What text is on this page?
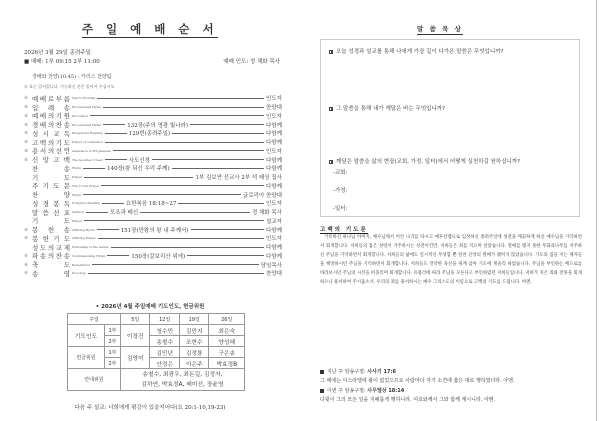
주 일 예 배 순 서
2026년 3월 29일 종려주일
■ 예배: 1부 09:15 2부 11:00	예배 인도: 정 채화 목사
경배와 찬양(10:45) : 카리스 찬양팀
※ 표는 일어섭니다. 가능하신 분은 일어서 주십시오.
※ 예 배 로 부 름 Call to Worship	인도자
※ 입 례 송 Processional Hymn	찬양대
※ 예 배 의 기 원 Invocation	인도자
※ 경 배 의 찬 송 Processional Hymn	132장(주의 영광 빛나라)	다함께
※ 성 시 교 독 Responsive Reading	129번(종려주일)	다함께
※ 고 백 의 기 도 Prayer of confession	다함께
※ 용 서 의 선 언 Assurance of Forgiveness	인도자
※ 신 앙 고 백 The Apostles' Creed	사도신경	다함께
찬	송 Hymn	140장(왕 되신 우리 주께)	다함께
기	도 Prayer	1부 김보연 선교사 2부 석 태상 집사
주 기 도 문 The Lord's Prayer	다함께
찬	양 Hymn	글로리아 찬양대
성 경 봉 독 Scripture Reading	요한복음 18:18~27	인도자
말 씀 선 포 Sermon	모욕과 배신	정 채화 목사
기	도 Prayer	설교자
※ 봉 헌 송 Offering Hymn	151장(만왕의 왕 내 주께서)	다함께
※ 봉 헌 기 도 Offering Prayer	인도자
성 도 의 교 제 Fellowship of the Saints	다함께
※ 파 송 의 찬 송 Commissioning Hymn	150장(갈보리산 위에)	다함께
※ 축	도 Benediction	담임목사
※ 송	영 Doxology	찬양대
• 2026년 4월 주일예배 기도인도, 헌금위원
주일		5일	12일	19일	26일
기도인도	1부	이경건	청수민	김민지	최은숙
	2부		송철수	조현수	양성혜
헌금위원	1부	김영미	김민년	김정룡	구은송
	2부		안정은	이은주	박효정B
안내위원		송철수, 최광우, 최돈길, 김정자,
김하연, 박효정A, 배미선, 장윤영			
다음 주 설교: 너희에게 평강이 있을지어다(요 20:1-10,19-23)
말 씀 묵 상
오늘 성경과 설교를 통해 나에게 가장 깊이 다가온 말씀은 무엇입니까?
그 말씀을 통해 내가 깨달은 바는 무엇입니까?
깨달은 말씀을 삶의 현장(교회, 가정, 일터)에서 어떻게 실천하길 원하십니까?
-교회:
-가정:
-일터:
고백의 기도문
거룩하신 하나님 아버지, 예수님께서 어린 나귀를 타시고 예루살렘으로 입성하신 종려주일에 성전을 깨끗하게 하신 예수님을 기억하면서 회개합니다. 저희들의 몸은 성령이 거주하시는 성전이건만, 저희들은 죄를 지으며 살았습니다. 열매를 맺지 못한 무화과나무를 저주하신 주님을 기억하면서 회개합니다. 저희들의 삶에도 일시적인 무성함 뿐 알찬 신앙의 열매가 맺히지 않았습니다. 기도의 집을 지는 제자들을 책망하시던 주님을 기억하면서 회개합니다. 저희들도 연약한 육신을 핑계 삼아 기도에 게을리 하였습니다. 주님을 부인하는 베드로를 바라보시던 주님의 시선을 떠올리며 회개합니다. 유불리에 따라 주님을 모른다고 부인하였던 저희들입니다. 저희가 지은 죄와 잘못을 회개하오니 용서하여 주시옵소서. 우리의 죄를 용서하시는 예수 그리스도의 이름으로 고백의 기도를 드립니다. 아멘.
지난 주 암송구절: 사사기 17:6
그 때에는 이스라엘에 왕이 없었으므로 사람마다 자기 소견에 옳은 대로 행하였더라. 아멘.
이번 주 암송구절: 사무엘상 18:14
다윗이 그의 모든 일을 지혜롭게 행하니라. 여호와께서 그와 함께 계시니라. 아멘.
